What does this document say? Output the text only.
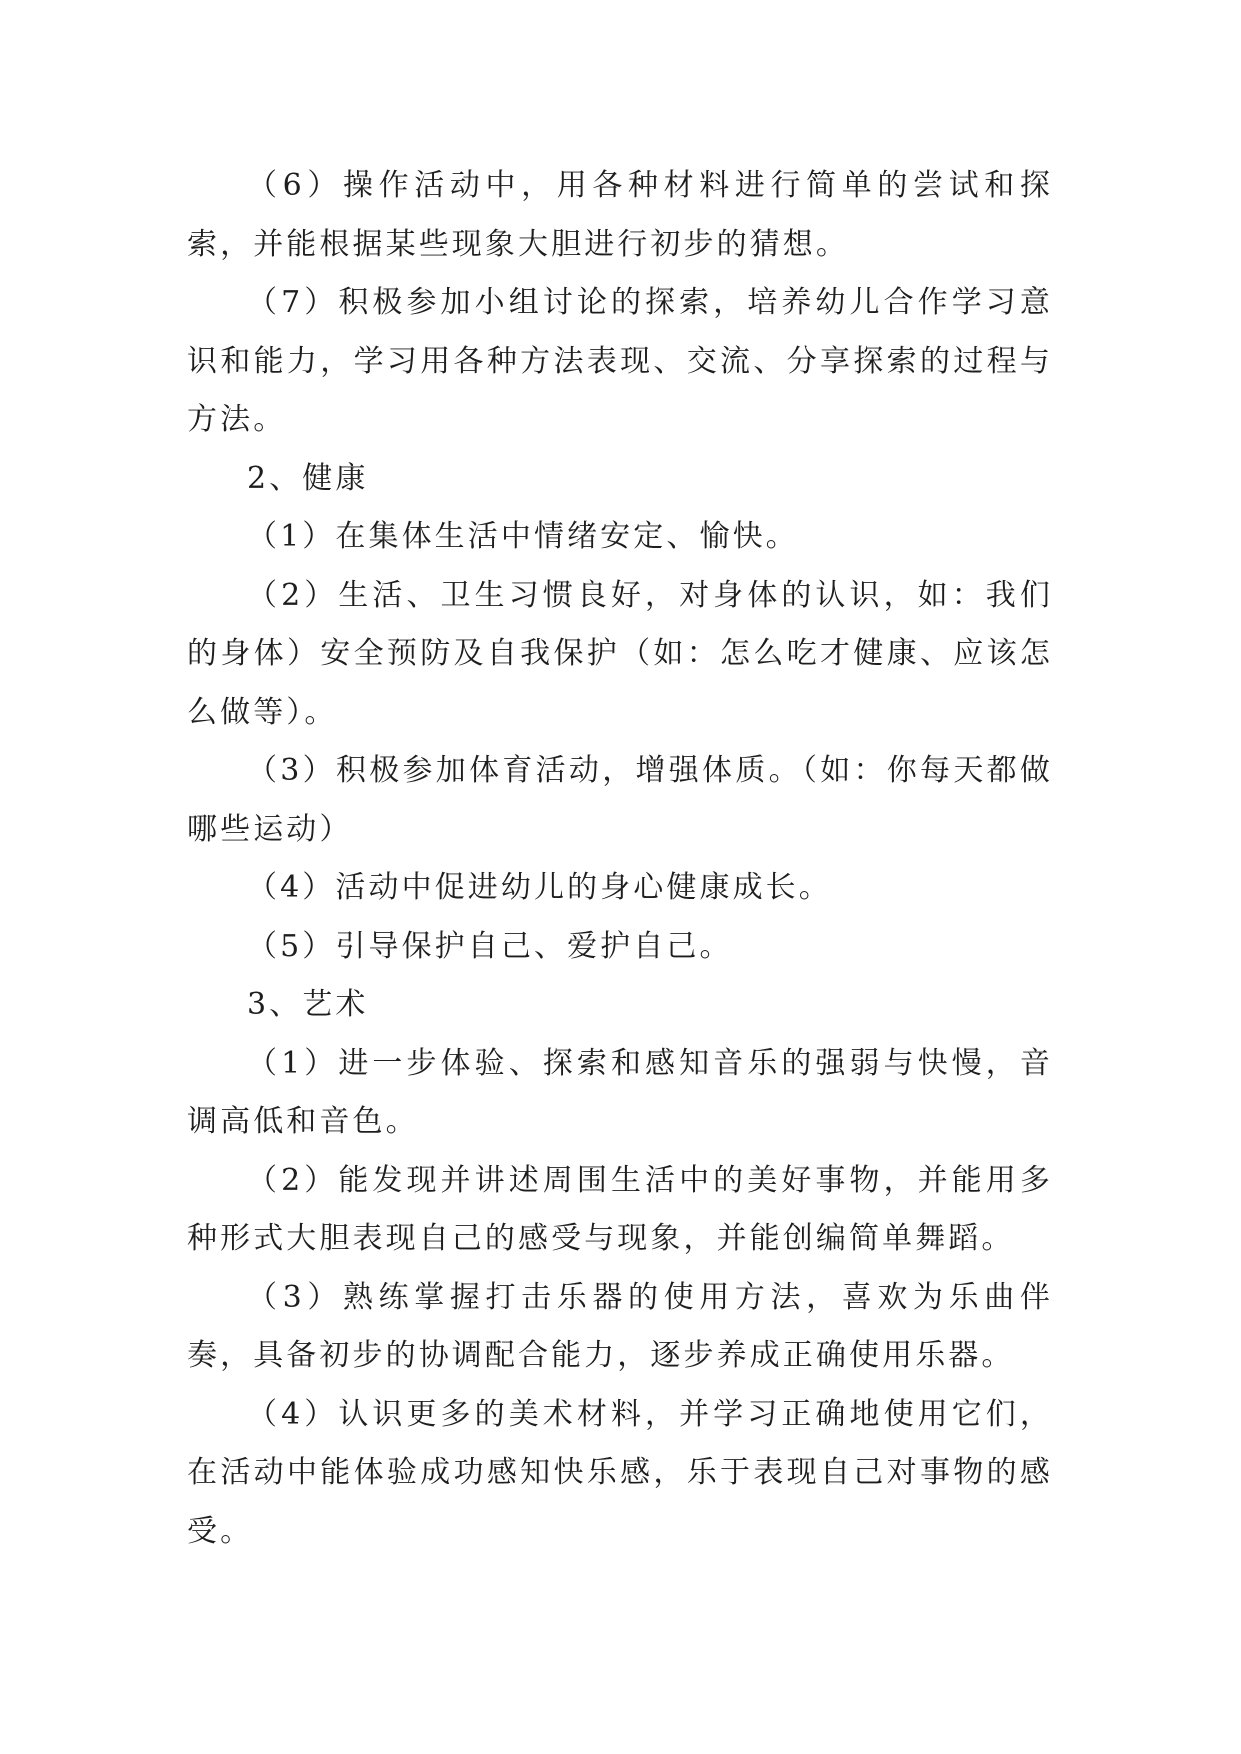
（6）操作活动中，用各种材料进行简单的尝试和探索，并能根据某些现象大胆进行初步的猜想。

（7）积极参加小组讨论的探索，培养幼儿合作学习意识和能力，学习用各种方法表现、交流、分享探索的过程与方法。

2、健康

（1）在集体生活中情绪安定、愉快。

（2）生活、卫生习惯良好，对身体的认识，如：我们的身体）安全预防及自我保护（如：怎么吃才健康、应该怎么做等）。

（3）积极参加体育活动，增强体质。（如：你每天都做哪些运动）

（4）活动中促进幼儿的身心健康成长。

（5）引导保护自己、爱护自己。

3、艺术

（1）进一步体验、探索和感知音乐的强弱与快慢，音调高低和音色。

（2）能发现并讲述周围生活中的美好事物，并能用多种形式大胆表现自己的感受与现象，并能创编简单舞蹈。

（3）熟练掌握打击乐器的使用方法，喜欢为乐曲伴奏，具备初步的协调配合能力，逐步养成正确使用乐器。

（4）认识更多的美术材料，并学习正确地使用它们，在活动中能体验成功感知快乐感，乐于表现自己对事物的感受。
